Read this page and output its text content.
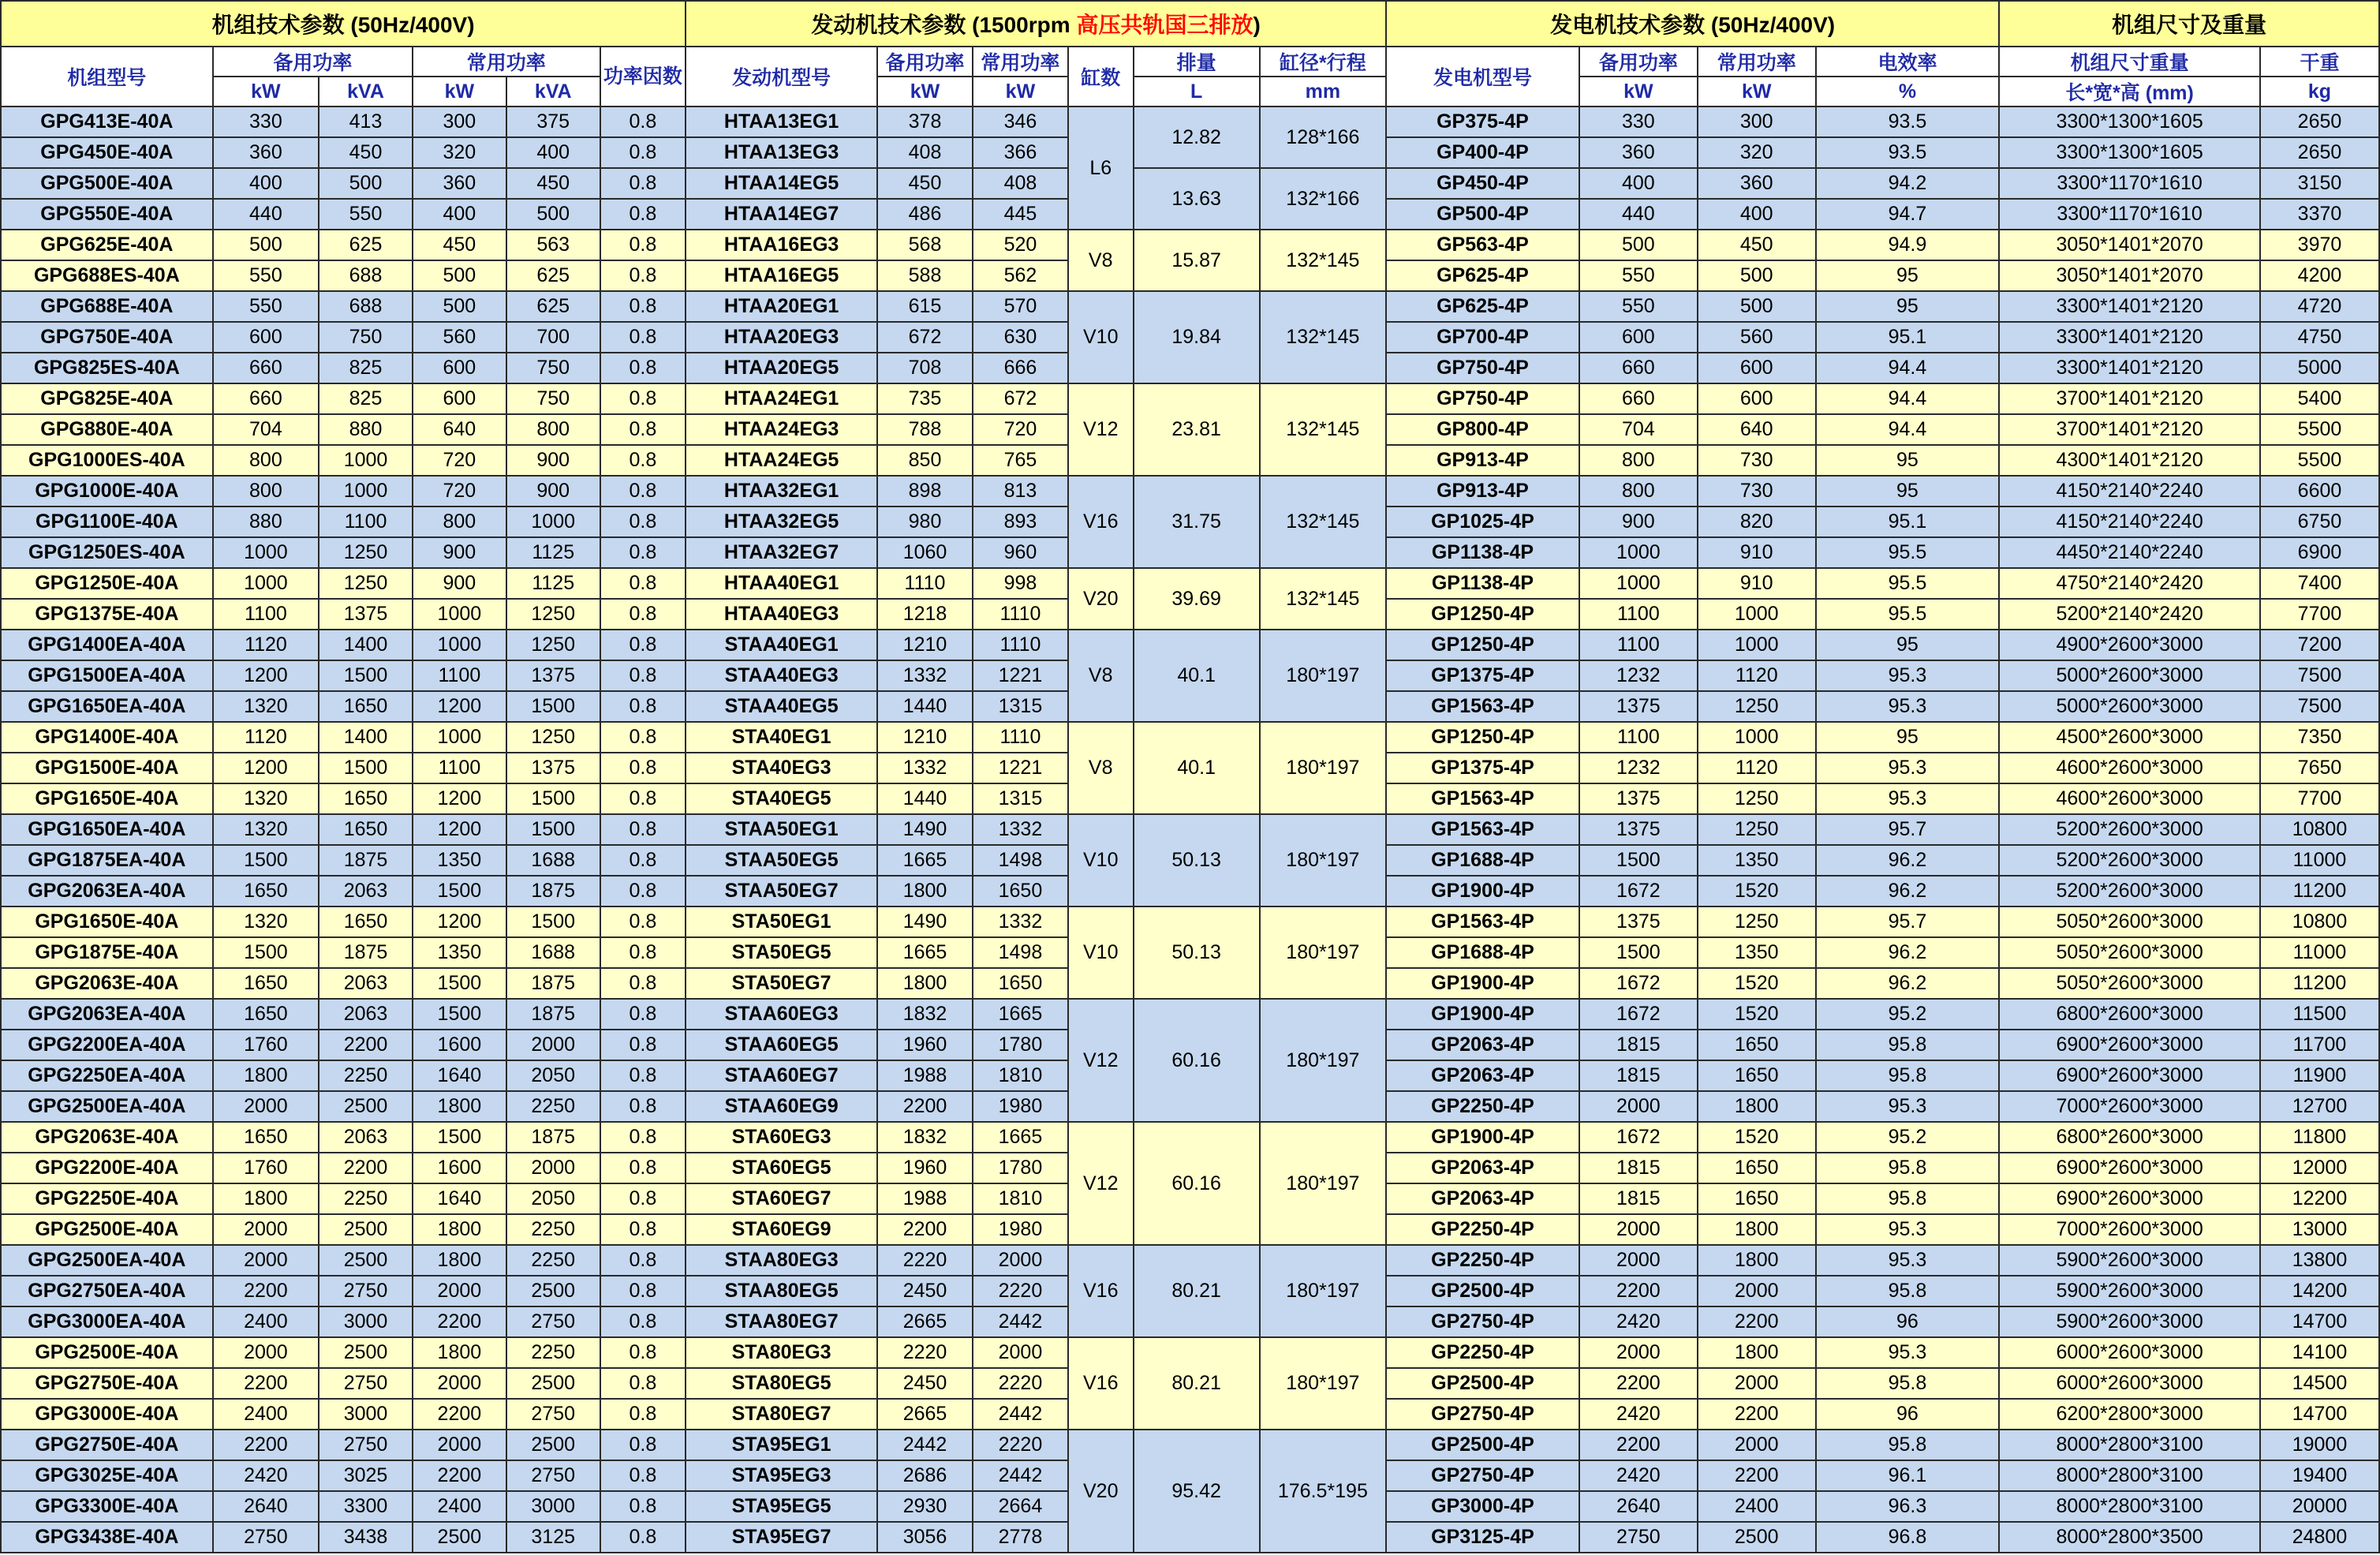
机组技术参数 (50Hz/400V)						发动机技术参数 (1500rpm 高压共轨国三排放)						发电机技术参数 (50Hz/400V)				机组尺寸及重量	
机组型号	备用功率		常用功率		功率因数	发动机型号	备用功率	常用功率	缸数	排量	缸径*行程	发电机型号	备用功率	常用功率	电效率	机组尺寸重量	干重
	kW	kVA	kW	kVA			kW	kW		L	mm		kW	kW	%	长*宽*高 (mm)	kg
GPG413E-40A	330	413	300	375	0.8	HTAA13EG1	378	346	L6	12.82	128*166	GP375-4P	330	300	93.5	3300*1300*1605	2650
GPG450E-40A	360	450	320	400	0.8	HTAA13EG3	408	366				GP400-4P	360	320	93.5	3300*1300*1605	2650
GPG500E-40A	400	500	360	450	0.8	HTAA14EG5	450	408		13.63	132*166	GP450-4P	400	360	94.2	3300*1170*1610	3150
GPG550E-40A	440	550	400	500	0.8	HTAA14EG7	486	445				GP500-4P	440	400	94.7	3300*1170*1610	3370
GPG625E-40A	500	625	450	563	0.8	HTAA16EG3	568	520	V8	15.87	132*145	GP563-4P	500	450	94.9	3050*1401*2070	3970
GPG688ES-40A	550	688	500	625	0.8	HTAA16EG5	588	562				GP625-4P	550	500	95	3050*1401*2070	4200
GPG688E-40A	550	688	500	625	0.8	HTAA20EG1	615	570	V10	19.84	132*145	GP625-4P	550	500	95	3300*1401*2120	4720
GPG750E-40A	600	750	560	700	0.8	HTAA20EG3	672	630				GP700-4P	600	560	95.1	3300*1401*2120	4750
GPG825ES-40A	660	825	600	750	0.8	HTAA20EG5	708	666				GP750-4P	660	600	94.4	3300*1401*2120	5000
GPG825E-40A	660	825	600	750	0.8	HTAA24EG1	735	672	V12	23.81	132*145	GP750-4P	660	600	94.4	3700*1401*2120	5400
GPG880E-40A	704	880	640	800	0.8	HTAA24EG3	788	720				GP800-4P	704	640	94.4	3700*1401*2120	5500
GPG1000ES-40A	800	1000	720	900	0.8	HTAA24EG5	850	765				GP913-4P	800	730	95	4300*1401*2120	5500
GPG1000E-40A	800	1000	720	900	0.8	HTAA32EG1	898	813	V16	31.75	132*145	GP913-4P	800	730	95	4150*2140*2240	6600
GPG1100E-40A	880	1100	800	1000	0.8	HTAA32EG5	980	893				GP1025-4P	900	820	95.1	4150*2140*2240	6750
GPG1250ES-40A	1000	1250	900	1125	0.8	HTAA32EG7	1060	960				GP1138-4P	1000	910	95.5	4450*2140*2240	6900
GPG1250E-40A	1000	1250	900	1125	0.8	HTAA40EG1	1110	998	V20	39.69	132*145	GP1138-4P	1000	910	95.5	4750*2140*2420	7400
GPG1375E-40A	1100	1375	1000	1250	0.8	HTAA40EG3	1218	1110				GP1250-4P	1100	1000	95.5	5200*2140*2420	7700
GPG1400EA-40A	1120	1400	1000	1250	0.8	STAA40EG1	1210	1110	V8	40.1	180*197	GP1250-4P	1100	1000	95	4900*2600*3000	7200
GPG1500EA-40A	1200	1500	1100	1375	0.8	STAA40EG3	1332	1221				GP1375-4P	1232	1120	95.3	5000*2600*3000	7500
GPG1650EA-40A	1320	1650	1200	1500	0.8	STAA40EG5	1440	1315				GP1563-4P	1375	1250	95.3	5000*2600*3000	7500
GPG1400E-40A	1120	1400	1000	1250	0.8	STA40EG1	1210	1110	V8	40.1	180*197	GP1250-4P	1100	1000	95	4500*2600*3000	7350
GPG1500E-40A	1200	1500	1100	1375	0.8	STA40EG3	1332	1221				GP1375-4P	1232	1120	95.3	4600*2600*3000	7650
GPG1650E-40A	1320	1650	1200	1500	0.8	STA40EG5	1440	1315				GP1563-4P	1375	1250	95.3	4600*2600*3000	7700
GPG1650EA-40A	1320	1650	1200	1500	0.8	STAA50EG1	1490	1332	V10	50.13	180*197	GP1563-4P	1375	1250	95.7	5200*2600*3000	10800
GPG1875EA-40A	1500	1875	1350	1688	0.8	STAA50EG5	1665	1498				GP1688-4P	1500	1350	96.2	5200*2600*3000	11000
GPG2063EA-40A	1650	2063	1500	1875	0.8	STAA50EG7	1800	1650				GP1900-4P	1672	1520	96.2	5200*2600*3000	11200
GPG1650E-40A	1320	1650	1200	1500	0.8	STA50EG1	1490	1332	V10	50.13	180*197	GP1563-4P	1375	1250	95.7	5050*2600*3000	10800
GPG1875E-40A	1500	1875	1350	1688	0.8	STA50EG5	1665	1498				GP1688-4P	1500	1350	96.2	5050*2600*3000	11000
GPG2063E-40A	1650	2063	1500	1875	0.8	STA50EG7	1800	1650				GP1900-4P	1672	1520	96.2	5050*2600*3000	11200
GPG2063EA-40A	1650	2063	1500	1875	0.8	STAA60EG3	1832	1665	V12	60.16	180*197	GP1900-4P	1672	1520	95.2	6800*2600*3000	11500
GPG2200EA-40A	1760	2200	1600	2000	0.8	STAA60EG5	1960	1780				GP2063-4P	1815	1650	95.8	6900*2600*3000	11700
GPG2250EA-40A	1800	2250	1640	2050	0.8	STAA60EG7	1988	1810				GP2063-4P	1815	1650	95.8	6900*2600*3000	11900
GPG2500EA-40A	2000	2500	1800	2250	0.8	STAA60EG9	2200	1980				GP2250-4P	2000	1800	95.3	7000*2600*3000	12700
GPG2063E-40A	1650	2063	1500	1875	0.8	STA60EG3	1832	1665	V12	60.16	180*197	GP1900-4P	1672	1520	95.2	6800*2600*3000	11800
GPG2200E-40A	1760	2200	1600	2000	0.8	STA60EG5	1960	1780				GP2063-4P	1815	1650	95.8	6900*2600*3000	12000
GPG2250E-40A	1800	2250	1640	2050	0.8	STA60EG7	1988	1810				GP2063-4P	1815	1650	95.8	6900*2600*3000	12200
GPG2500E-40A	2000	2500	1800	2250	0.8	STA60EG9	2200	1980				GP2250-4P	2000	1800	95.3	7000*2600*3000	13000
GPG2500EA-40A	2000	2500	1800	2250	0.8	STAA80EG3	2220	2000	V16	80.21	180*197	GP2250-4P	2000	1800	95.3	5900*2600*3000	13800
GPG2750EA-40A	2200	2750	2000	2500	0.8	STAA80EG5	2450	2220				GP2500-4P	2200	2000	95.8	5900*2600*3000	14200
GPG3000EA-40A	2400	3000	2200	2750	0.8	STAA80EG7	2665	2442				GP2750-4P	2420	2200	96	5900*2600*3000	14700
GPG2500E-40A	2000	2500	1800	2250	0.8	STA80EG3	2220	2000	V16	80.21	180*197	GP2250-4P	2000	1800	95.3	6000*2600*3000	14100
GPG2750E-40A	2200	2750	2000	2500	0.8	STA80EG5	2450	2220				GP2500-4P	2200	2000	95.8	6000*2600*3000	14500
GPG3000E-40A	2400	3000	2200	2750	0.8	STA80EG7	2665	2442				GP2750-4P	2420	2200	96	6200*2800*3000	14700
GPG2750E-40A	2200	2750	2000	2500	0.8	STA95EG1	2442	2220	V20	95.42	176.5*195	GP2500-4P	2200	2000	95.8	8000*2800*3100	19000
GPG3025E-40A	2420	3025	2200	2750	0.8	STA95EG3	2686	2442				GP2750-4P	2420	2200	96.1	8000*2800*3100	19400
GPG3300E-40A	2640	3300	2400	3000	0.8	STA95EG5	2930	2664				GP3000-4P	2640	2400	96.3	8000*2800*3100	20000
GPG3438E-40A	2750	3438	2500	3125	0.8	STA95EG7	3056	2778				GP3125-4P	2750	2500	96.8	8000*2800*3500	24800
